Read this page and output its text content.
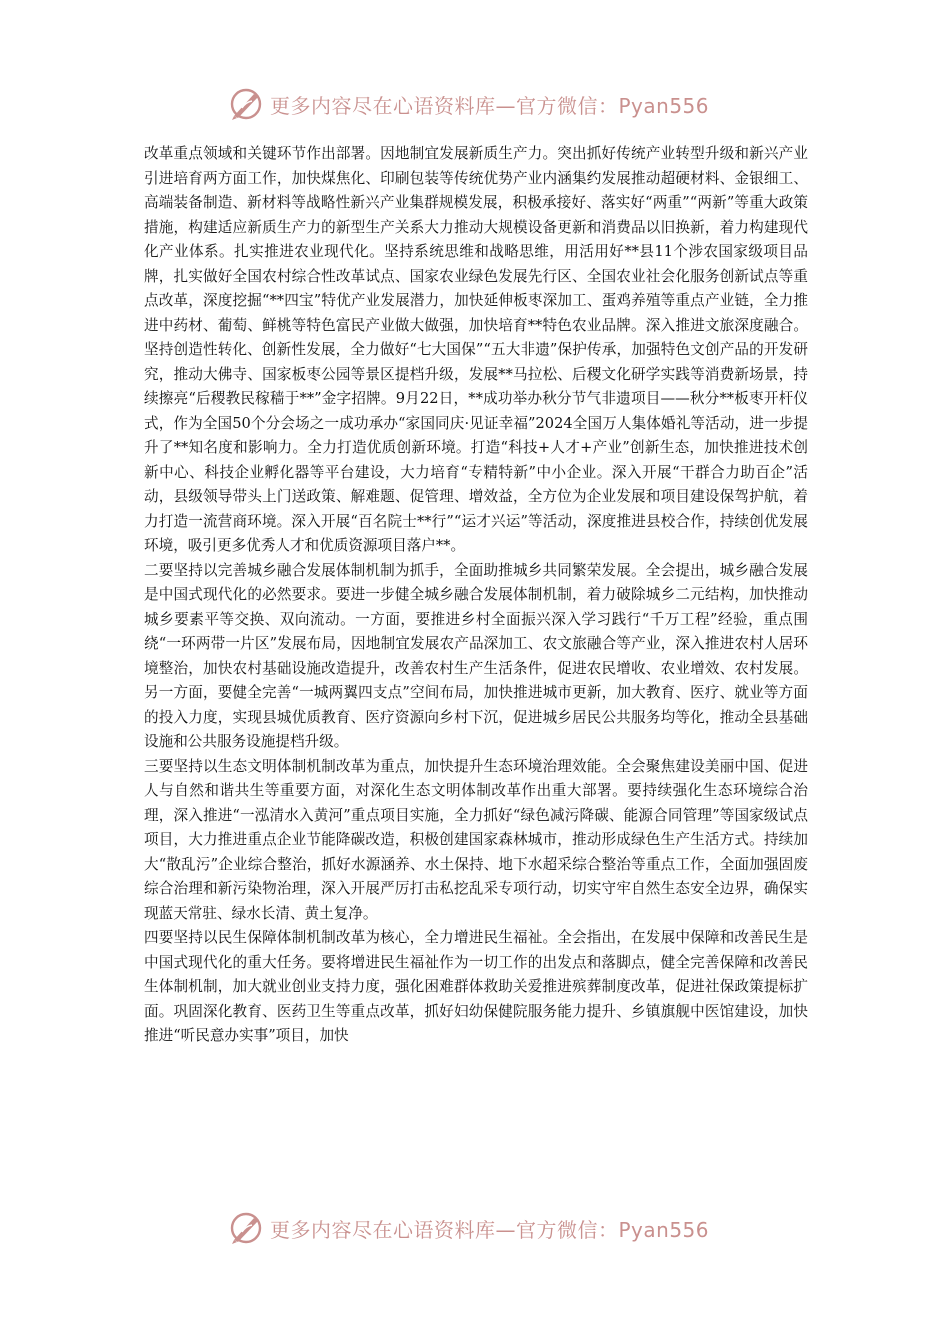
更多内容尽在心语资料库—官方微信：Pyan556

改革重点领域和关键环节作出部署。因地制宜发展新质生产力。突出抓好传统产业转型升级和新兴产业引进培育两方面工作，加快煤焦化、印刷包装等传统优势产业内涵集约发展推动超硬材料、金银细工、高端装备制造、新材料等战略性新兴产业集群规模发展，积极承接好、落实好“两重”“两新”等重大政策措施，构建适应新质生产力的新型生产关系大力推动大规模设备更新和消费品以旧换新，着力构建现代化产业体系。扎实推进农业现代化。坚持系统思维和战略思维，用活用好**县11个涉农国家级项目品牌，扎实做好全国农村综合性改革试点、国家农业绿色发展先行区、全国农业社会化服务创新试点等重点改革，深度挖掘“**四宝”特优产业发展潜力，加快延伸板枣深加工、蛋鸡养殖等重点产业链，全力推进中药材、葡萄、鲜桃等特色富民产业做大做强，加快培育**特色农业品牌。深入推进文旅深度融合。坚持创造性转化、创新性发展，全力做好“七大国保”“五大非遗”保护传承，加强特色文创产品的开发研究，推动大佛寺、国家板枣公园等景区提档升级，发展**马拉松、后稷文化研学实践等消费新场景，持续擦亮“后稷教民稼穑于**”金字招牌。9月22日，**成功举办秋分节气非遗项目——秋分**板枣开杆仪式，作为全国50个分会场之一成功承办“家国同庆·见证幸福”2024全国万人集体婚礼等活动，进一步提升了**知名度和影响力。全力打造优质创新环境。打造“科技+人才+产业”创新生态，加快推进技术创新中心、科技企业孵化器等平台建设，大力培育“专精特新”中小企业。深入开展“干群合力助百企”活动，县级领导带头上门送政策、解难题、促管理、增效益，全方位为企业发展和项目建设保驾护航，着力打造一流营商环境。深入开展“百名院士**行”“运才兴运”等活动，深度推进县校合作，持续创优发展环境，吸引更多优秀人才和优质资源项目落户**。

二要坚持以完善城乡融合发展体制机制为抓手，全面助推城乡共同繁荣发展。全会提出，城乡融合发展是中国式现代化的必然要求。要进一步健全城乡融合发展体制机制，着力破除城乡二元结构，加快推动城乡要素平等交换、双向流动。一方面，要推进乡村全面振兴深入学习践行“千万工程”经验，重点围绕“一环两带一片区”发展布局，因地制宜发展农产品深加工、农文旅融合等产业，深入推进农村人居环境整治，加快农村基础设施改造提升，改善农村生产生活条件，促进农民增收、农业增效、农村发展。另一方面，要健全完善“一城两翼四支点”空间布局，加快推进城市更新，加大教育、医疗、就业等方面的投入力度，实现县城优质教育、医疗资源向乡村下沉，促进城乡居民公共服务均等化，推动全县基础设施和公共服务设施提档升级。

三要坚持以生态文明体制机制改革为重点，加快提升生态环境治理效能。全会聚焦建设美丽中国、促进人与自然和谐共生等重要方面，对深化生态文明体制改革作出重大部署。要持续强化生态环境综合治理，深入推进“一泓清水入黄河”重点项目实施，全力抓好“绿色减污降碳、能源合同管理”等国家级试点项目，大力推进重点企业节能降碳改造，积极创建国家森林城市，推动形成绿色生产生活方式。持续加大“散乱污”企业综合整治，抓好水源涵养、水土保持、地下水超采综合整治等重点工作，全面加强固废综合治理和新污染物治理，深入开展严厉打击私挖乱采专项行动，切实守牢自然生态安全边界，确保实现蓝天常驻、绿水长清、黄土复净。

四要坚持以民生保障体制机制改革为核心，全力增进民生福祉。全会指出，在发展中保障和改善民生是中国式现代化的重大任务。要将增进民生福祉作为一切工作的出发点和落脚点，健全完善保障和改善民生体制机制，加大就业创业支持力度，强化困难群体救助关爱推进殡葬制度改革，促进社保政策提标扩面。巩固深化教育、医药卫生等重点改革，抓好妇幼保健院服务能力提升、乡镇旗舰中医馆建设，加快推进“听民意办实事”项目，加快

更多内容尽在心语资料库—官方微信：Pyan556
